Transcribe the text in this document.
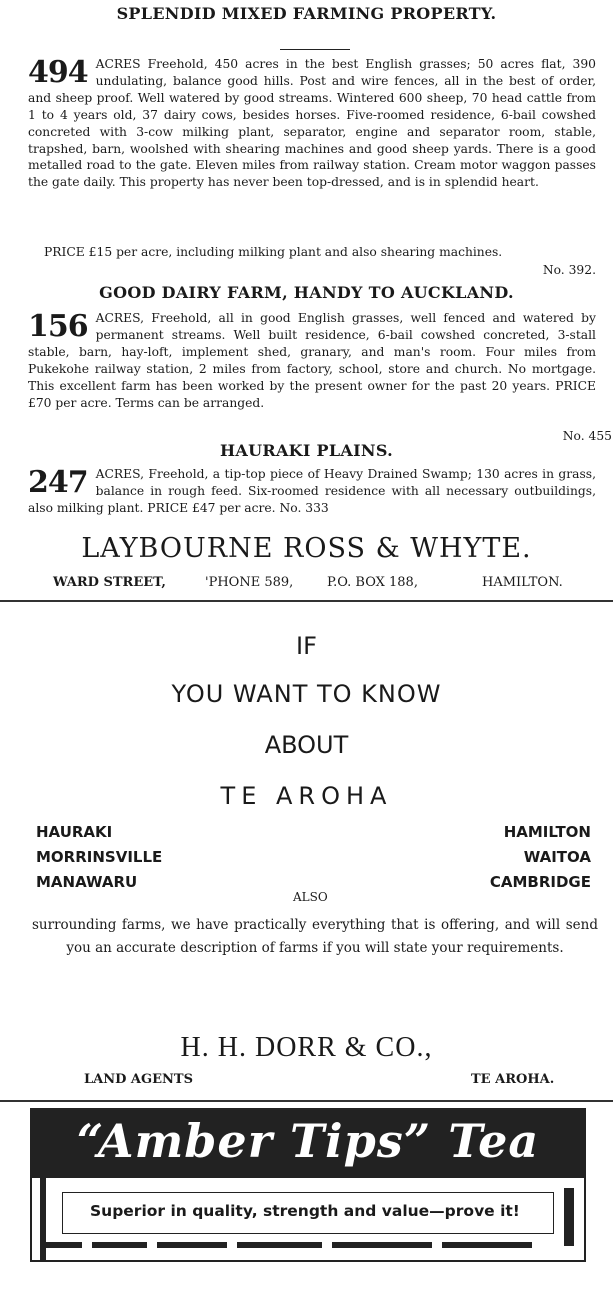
SPLENDID MIXED FARMING PROPERTY.
494 ACRES Freehold, 450 acres in the best English grasses; 50 acres flat, 390 undulating, balance good hills. Post and wire fences, all in the best of order, and sheep proof. Well watered by good streams. Wintered 600 sheep, 70 head cattle from 1 to 4 years old, 37 dairy cows, besides horses. Five-roomed residence, 6-bail cowshed concreted with 3-cow milking plant, separator, engine and separator room, stable, trapshed, barn, woolshed with shearing machines and good sheep yards. There is a good metalled road to the gate. Eleven miles from railway station. Cream motor waggon passes the gate daily. This property has never been top-dressed, and is in splendid heart.
PRICE £15 per acre, including milking plant and also shearing machines.
No. 392.
GOOD DAIRY FARM, HANDY TO AUCKLAND.
156 ACRES, Freehold, all in good English grasses, well fenced and watered by permanent streams. Well built residence, 6-bail cowshed concreted, 3-stall stable, barn, hay-loft, implement shed, granary, and man's room. Four miles from Pukekohe railway station, 2 miles from factory, school, store and church. No mortgage. This excellent farm has been worked by the present owner for the past 20 years. PRICE £70 per acre. Terms can be arranged.
No. 455
HAURAKI PLAINS.
247 ACRES, Freehold, a tip-top piece of Heavy Drained Swamp; 130 acres in grass, balance in rough feed. Six-roomed residence with all necessary outbuildings, also milking plant. PRICE £47 per acre. No. 333
LAYBOURNE ROSS & WHYTE.
WARD STREET,	'PHONE 589,	P.O. BOX 188,	HAMILTON.
IF
YOU WANT TO KNOW
ABOUT
TE AROHA
HAURAKI
MORRINSVILLE
MANAWARU
HAMILTON
WAITOA
CAMBRIDGE
ALSO
surrounding farms, we have practically everything that is offering, and will send you an accurate description of farms if you will state your requirements.
H. H. DORR & CO.,
LAND AGENTS	TE AROHA.
“Amber Tips” Tea
Superior in quality, strength and value—prove it!
